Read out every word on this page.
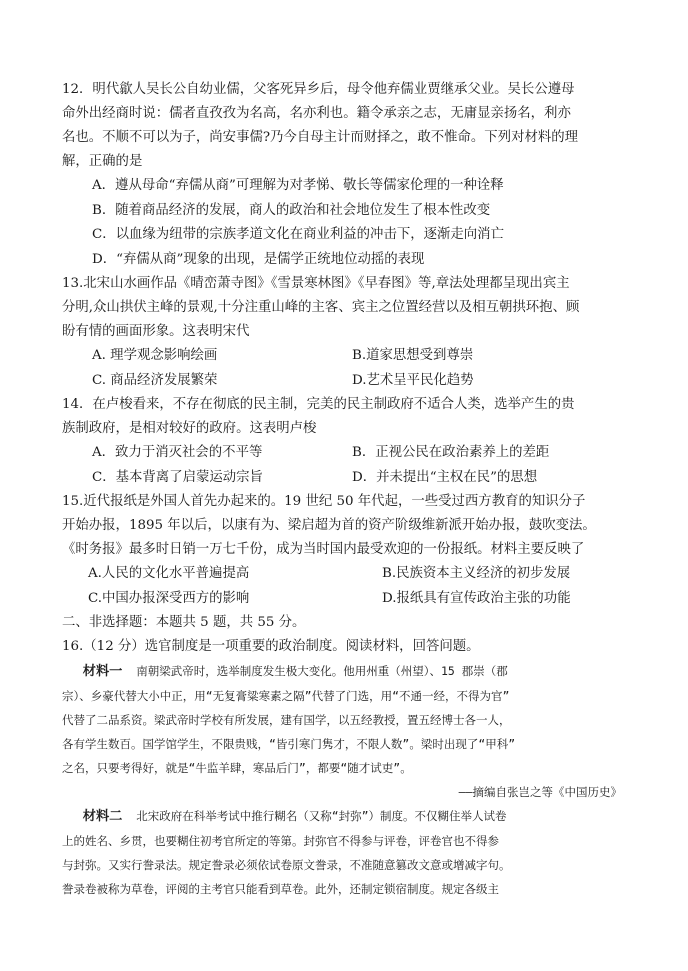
12．明代歙人吴长公自幼业儒，父客死异乡后，母令他弃儒业贾继承父业。吴长公遵母

命外出经商时说：儒者直孜孜为名高，名亦利也。籍令承亲之志，无庸显亲扬名，利亦

名也。不顺不可以为子，尚安事儒?乃今自母主计而财择之，敢不惟命。下列对材料的理

解，正确的是

A．遵从母命“弃儒从商”可理解为对孝悌、敬长等儒家伦理的一种诠释

B．随着商品经济的发展，商人的政治和社会地位发生了根本性改变

C．以血缘为纽带的宗族孝道文化在商业利益的冲击下，逐渐走向消亡

D．“弃儒从商”现象的出现，是儒学正统地位动摇的表现

13.北宋山水画作品《晴峦萧寺图》《雪景寒林图》《早春图》等,章法处理都呈现出宾主

分明,众山拱伏主峰的景观,十分注重山峰的主客、宾主之位置经营以及相互朝拱环抱、顾

盼有情的画面形象。这表明宋代

A. 理学观念影响绘画	B.道家思想受到尊崇
C. 商品经济发展繁荣	D.艺术呈平民化趋势

14．在卢梭看来，不存在彻底的民主制，完美的民主制政府不适合人类，选举产生的贵

族制政府，是相对较好的政府。这表明卢梭

A．致力于消灭社会的不平等	B．正视公民在政治素养上的差距
C．基本背离了启蒙运动宗旨	D．并未提出“主权在民”的思想

15.近代报纸是外国人首先办起来的。19 世纪 50 年代起，一些受过西方教育的知识分子

开始办报，1895 年以后，以康有为、梁启超为首的资产阶级维新派开始办报，鼓吹变法。

《时务报》最多时日销一万七千份，成为当时国内最受欢迎的一份报纸。材料主要反映了

A.人民的文化水平普遍提高	B.民族资本主义经济的初步发展
C.中国办报深受西方的影响	D.报纸具有宣传政治主张的功能

二、非选择题：本题共 5 题，共 55 分。

16.（12 分）选官制度是一项重要的政治制度。阅读材料，回答问题。

材料一 南朝梁武帝时，选举制度发生极大变化。他用州重（州望）、15 郡崇（郡

宗）、乡豪代替大小中正，用“无复膏粱寒素之隔”代替了门选，用“不通一经，不得为官”

代替了二品系资。梁武帝时学校有所发展，建有国学，以五经教授，置五经博士各一人，

各有学生数百。国学馆学生，不限贵贱，“皆引寒门隽才，不限人数”。梁时出现了“甲科”

之名，只要考得好，就是“牛监羊肆，寒品后门”，都要“随才试吏”。

——摘编自张岂之等《中国历史》

材料二 北宋政府在科举考试中推行糊名（又称“封弥”）制度。不仅糊住举人试卷

上的姓名、乡贯，也要糊住初考官所定的等第。封弥官不得参与评卷，评卷官也不得参

与封弥。又实行誊录法。规定誊录必须依试卷原文誊录，不准随意篡改文意或增减字句。

誊录卷被称为草卷，评阅的主考官只能看到草卷。此外，还制定锁宿制度。规定各级主
